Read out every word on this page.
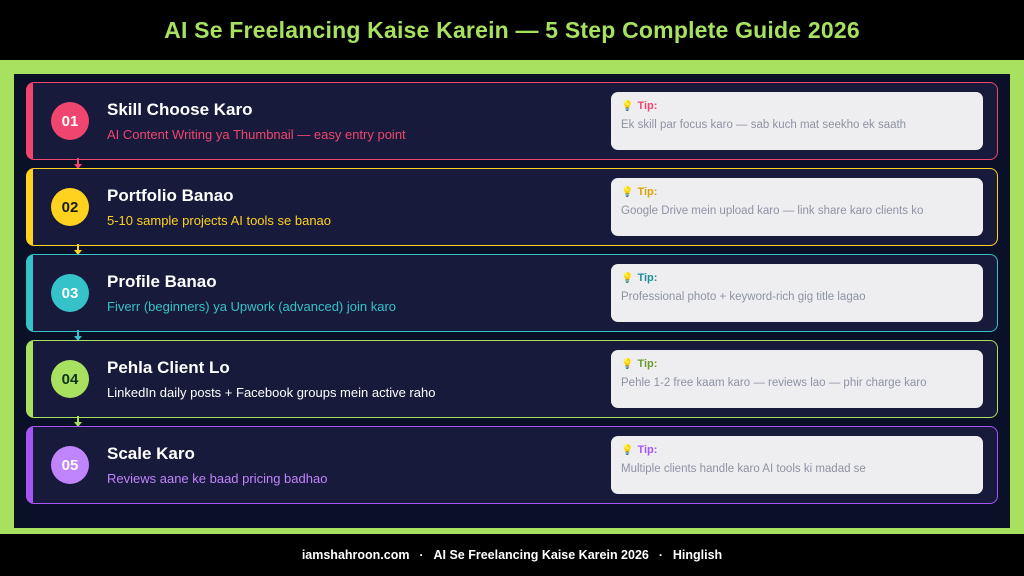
AI Se Freelancing Kaise Karein — 5 Step Complete Guide 2026
01
Skill Choose Karo
AI Content Writing ya Thumbnail — easy entry point
💡 Tip:
Ek skill par focus karo — sab kuch mat seekho ek saath
02
Portfolio Banao
5-10 sample projects AI tools se banao
💡 Tip:
Google Drive mein upload karo — link share karo clients ko
03
Profile Banao
Fiverr (beginners) ya Upwork (advanced) join karo
💡 Tip:
Professional photo + keyword-rich gig title lagao
04
Pehla Client Lo
LinkedIn daily posts + Facebook groups mein active raho
💡 Tip:
Pehle 1-2 free kaam karo — reviews lao — phir charge karo
05
Scale Karo
Reviews aane ke baad pricing badhao
💡 Tip:
Multiple clients handle karo AI tools ki madad se
iamshahroon.com · AI Se Freelancing Kaise Karein 2026 · Hinglish
